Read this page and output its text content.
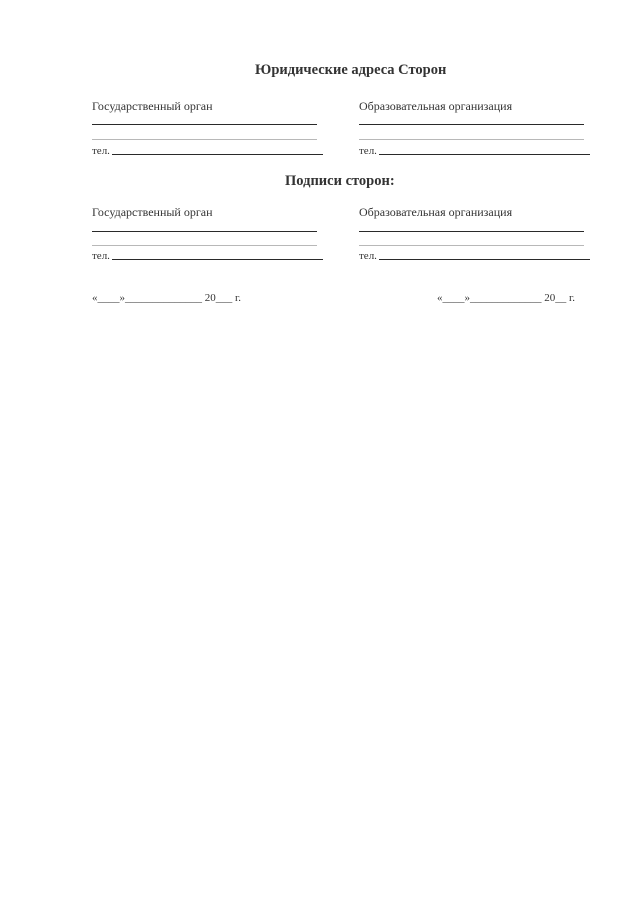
Юридические адреса Сторон
Государственный орган
тел.
Образовательная организация
тел.
Подписи сторон:
Государственный орган
тел.
Образовательная организация
тел.
«____»______________ 20___ г.	«____»_____________ 20__ г.
